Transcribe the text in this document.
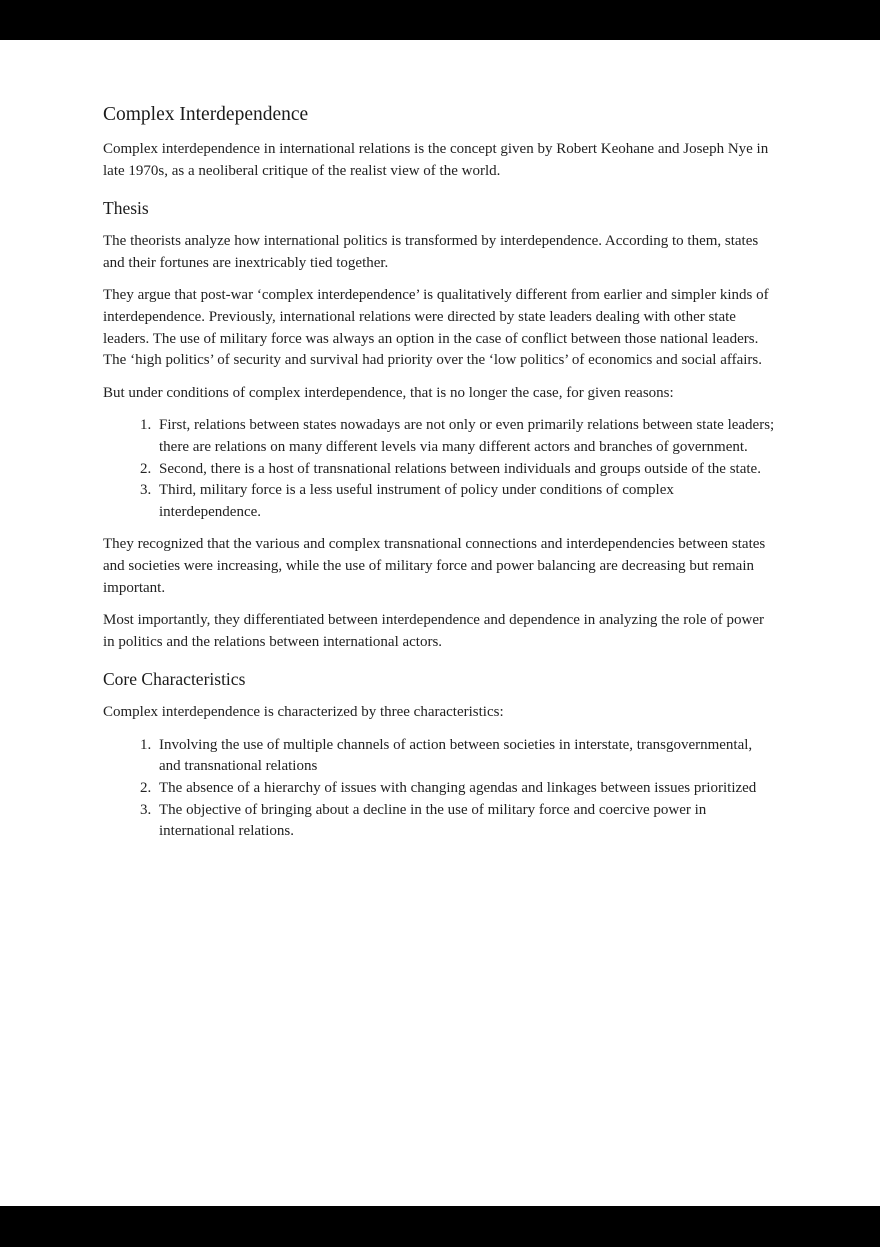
Complex Interdependence

Complex interdependence in international relations is the concept given by Robert Keohane and Joseph Nye in late 1970s, as a neoliberal critique of the realist view of the world.

Thesis

The theorists analyze how international politics is transformed by interdependence. According to them, states and their fortunes are inextricably tied together.

They argue that post-war ‘complex interdependence’ is qualitatively different from earlier and simpler kinds of interdependence. Previously, international relations were directed by state leaders dealing with other state leaders. The use of military force was always an option in the case of conflict between those national leaders. The ‘high politics’ of security and survival had priority over the ‘low politics’ of economics and social affairs.

But under conditions of complex interdependence, that is no longer the case, for given reasons:

1. First, relations between states nowadays are not only or even primarily relations between state leaders; there are relations on many different levels via many different actors and branches of government.
2. Second, there is a host of transnational relations between individuals and groups outside of the state.
3. Third, military force is a less useful instrument of policy under conditions of complex interdependence.

They recognized that the various and complex transnational connections and interdependencies between states and societies were increasing, while the use of military force and power balancing are decreasing but remain important.

Most importantly, they differentiated between interdependence and dependence in analyzing the role of power in politics and the relations between international actors.

Core Characteristics

Complex interdependence is characterized by three characteristics:

1. Involving the use of multiple channels of action between societies in interstate, transgovernmental, and transnational relations
2. The absence of a hierarchy of issues with changing agendas and linkages between issues prioritized
3. The objective of bringing about a decline in the use of military force and coercive power in international relations.
